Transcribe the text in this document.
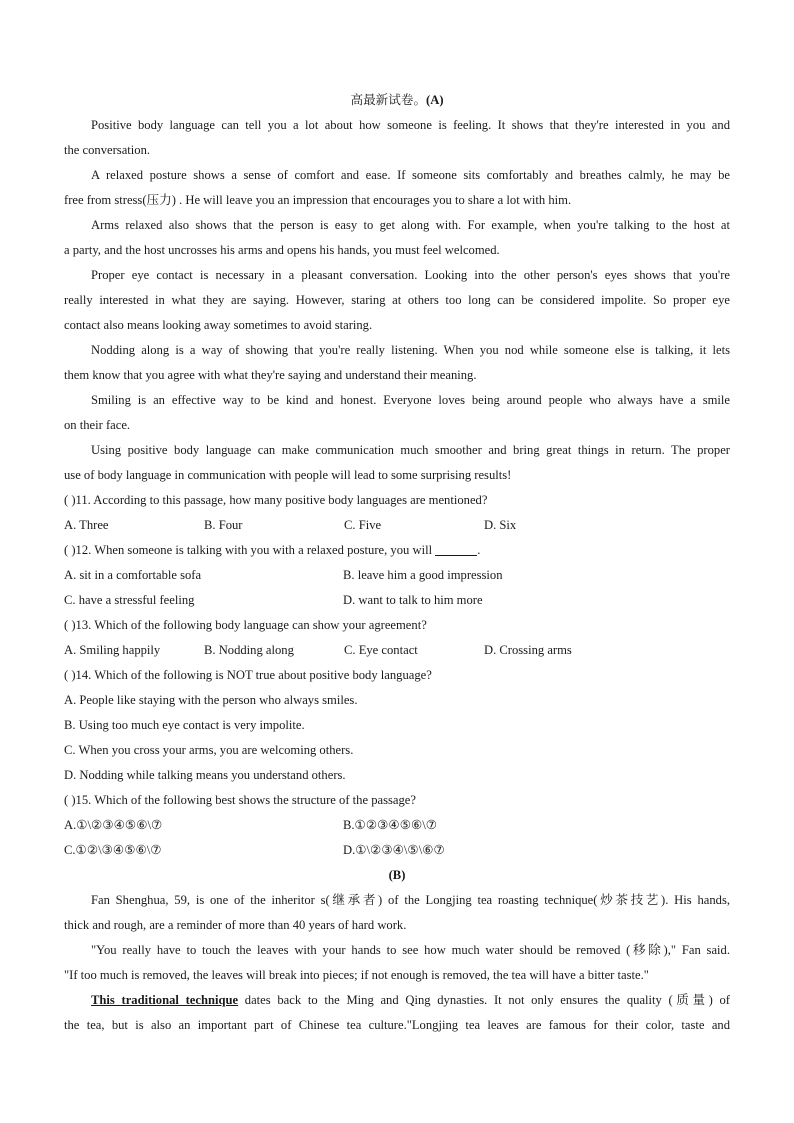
高最新试卷。(A)
Positive body language can tell you a lot about how someone is feeling. It shows that they're interested in you and
the conversation.
A relaxed posture shows a sense of comfort and ease. If someone sits comfortably and breathes calmly, he may be
free from stress(压力) . He will leave you an impression that encourages you to share a lot with him.
Arms relaxed also shows that the person is easy to get along with. For example, when you're talking to the host at
a party, and the host uncrosses his arms and opens his hands, you must feel welcomed.
Proper eye contact is necessary in a pleasant conversation. Looking into the other person's eyes shows that you're
really interested in what they are saying. However, staring at others too long can be considered impolite. So proper eye
contact also means looking away sometimes to avoid staring.
Nodding along is a way of showing that you're really listening. When you nod while someone else is talking, it lets
them know that you agree with what they're saying and understand their meaning.
Smiling is an effective way to be kind and honest. Everyone loves being around people who always have a smile
on their face.
Using positive body language can make communication much smoother and bring great things in return. The proper
use of body language in communication with people will lead to some surprising results!
( )11. According to this passage, how many positive body languages are mentioned?
A. Three	B. Four	C. Five	D. Six
( )12. When someone is talking with you with a relaxed posture, you will	.
A. sit in a comfortable sofa	B. leave him a good impression
C. have a stressful feeling	D. want to talk to him more
( )13. Which of the following body language can show your agreement?
A. Smiling happily	B. Nodding along	C. Eye contact	D. Crossing arms
( )14. Which of the following is NOT true about positive body language?
A. People like staying with the person who always smiles.
B. Using too much eye contact is very impolite.
C. When you cross your arms, you are welcoming others.
D. Nodding while talking means you understand others.
( )15. Which of the following best shows the structure of the passage?
A.①\②③④⑤⑥\⑦	B.①②③④⑤⑥\⑦
C.①②\③④⑤⑥\⑦	D.①\②③④\⑤\⑥⑦
(B)
Fan Shenghua, 59, is one of the inheritor s(继承者) of the Longjing tea roasting technique(炒茶技艺). His hands,
thick and rough, are a reminder of more than 40 years of hard work.
"You really have to touch the leaves with your hands to see how much water should be removed (移除)," Fan said.
"If too much is removed, the leaves will break into pieces; if not enough is removed, the tea will have a bitter taste."
This traditional technique dates back to the Ming and Qing dynasties. It not only ensures the quality (质量) of
the tea, but is also an important part of Chinese tea culture."Longjing tea leaves are famous for their color, taste and
